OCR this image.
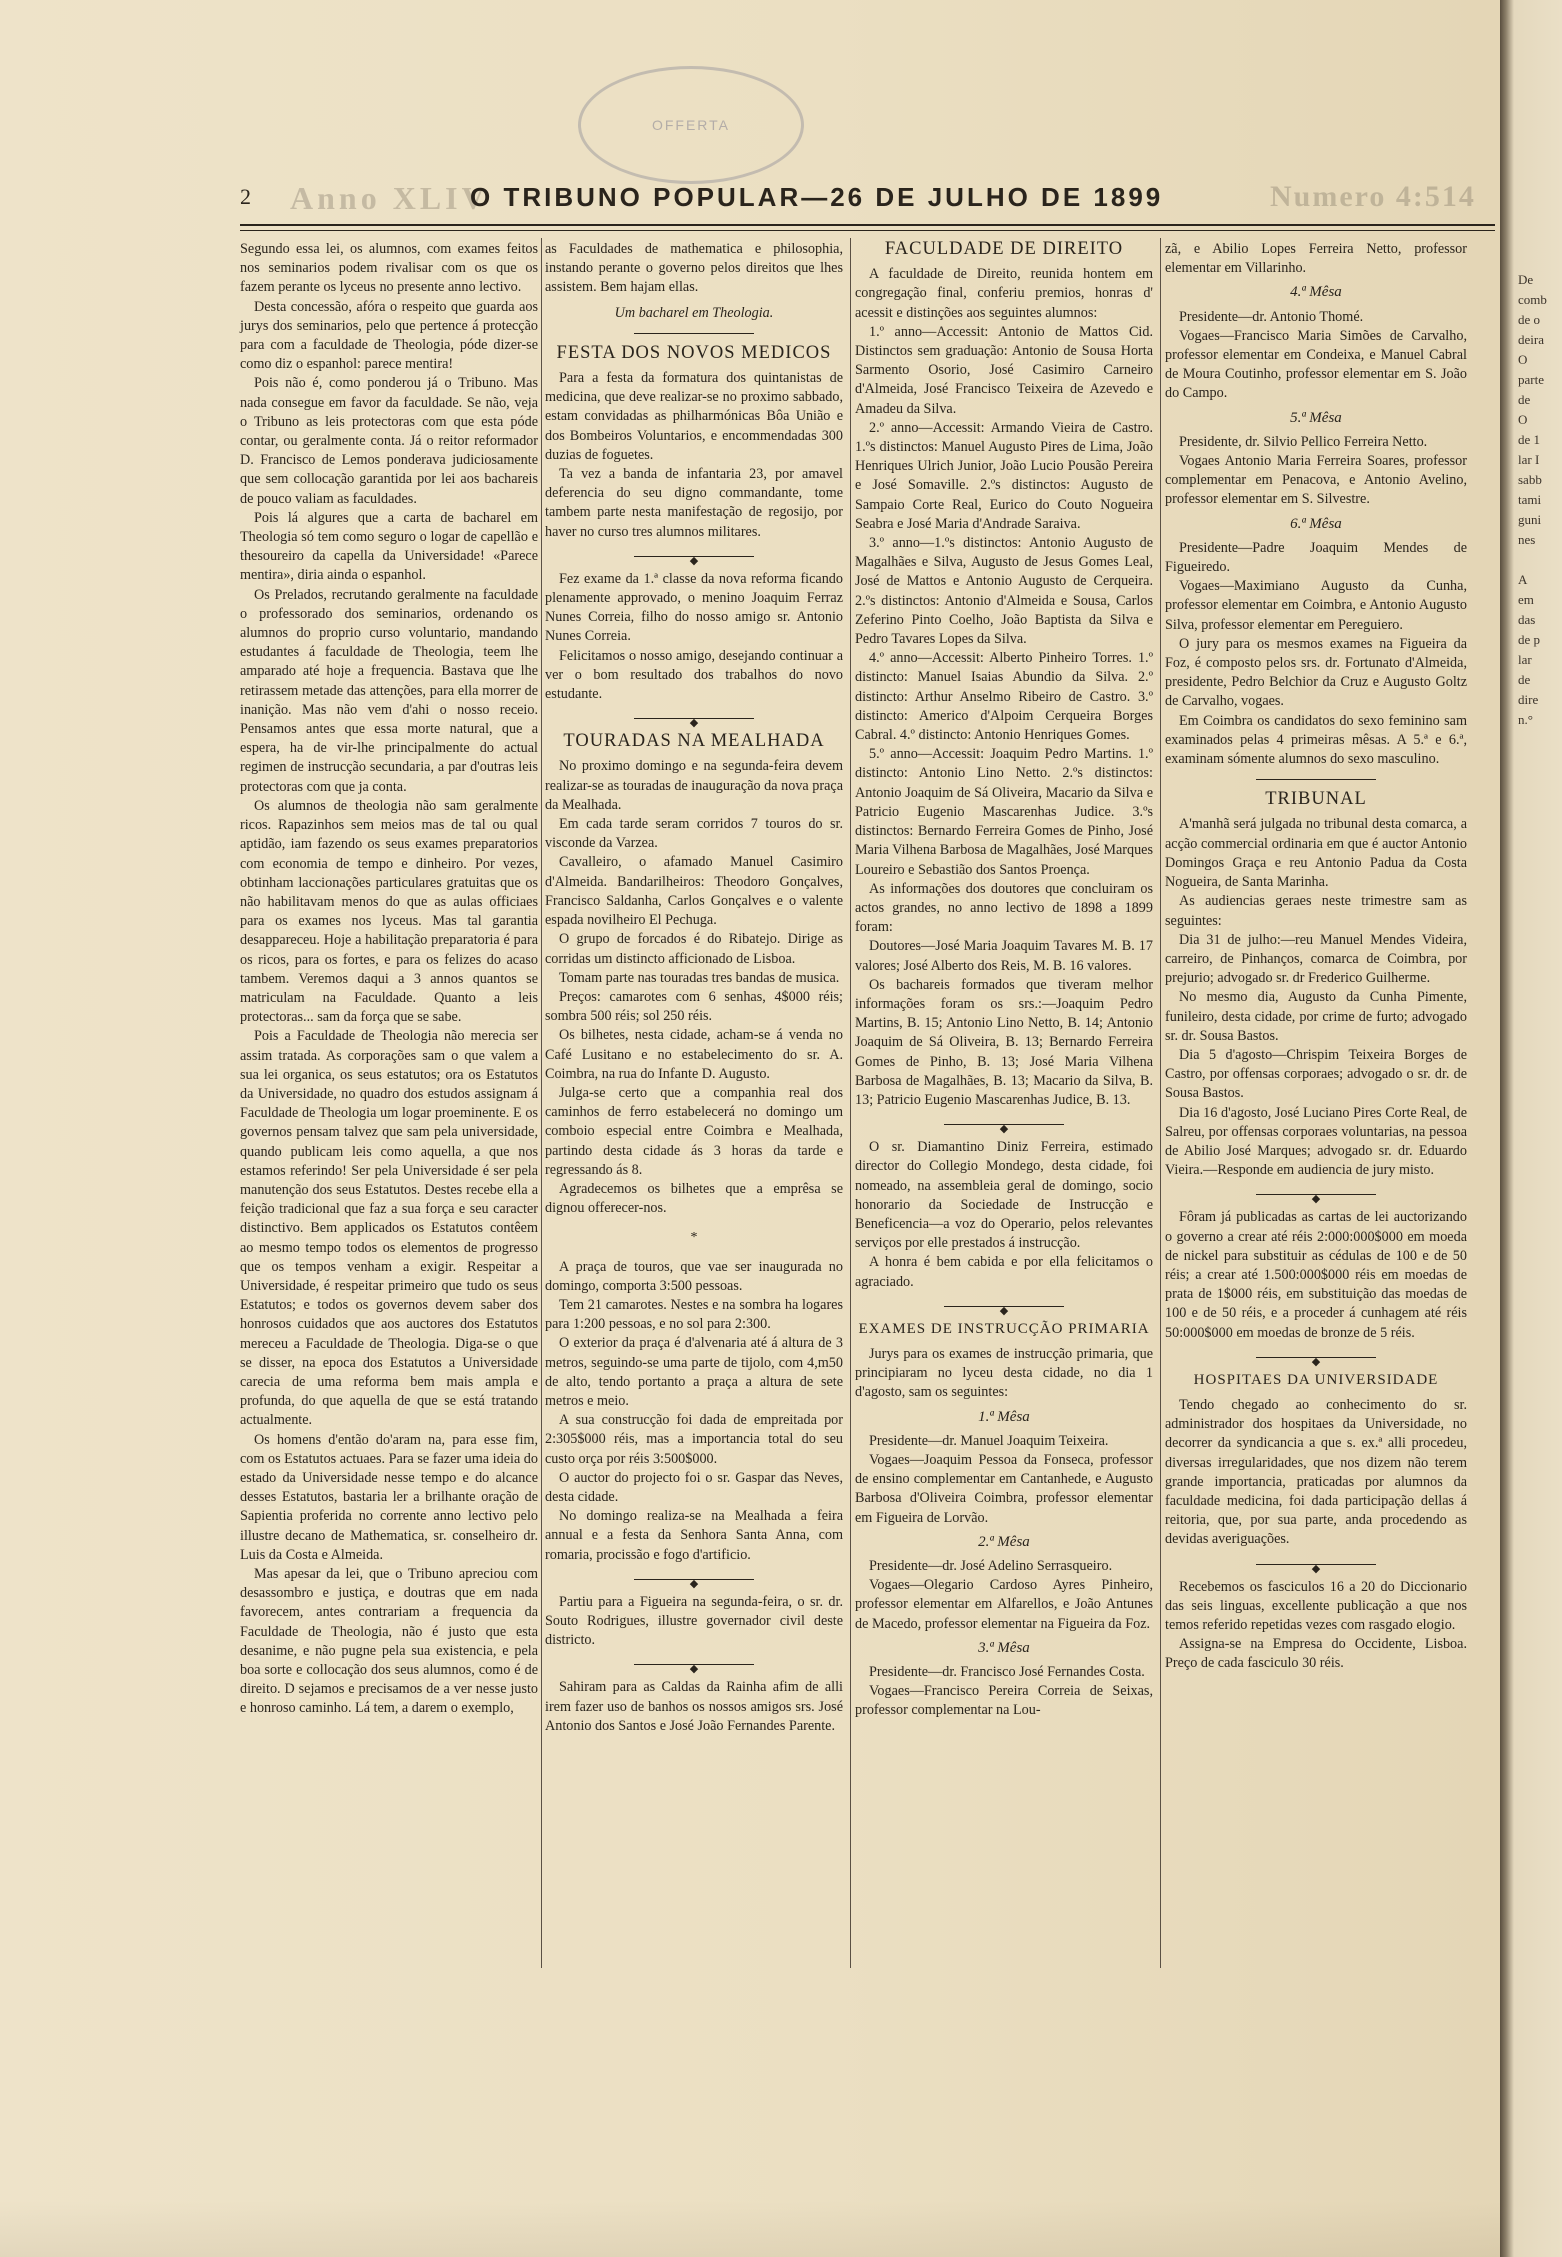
OFFERTA
Anno XLIV	Numero 4:514
2	O TRIBUNO POPULAR—26 DE JULHO DE 1899

Segundo essa lei, os alumnos, com exames feitos nos seminarios podem rivalisar com os que os fazem perante os lyceus no presente anno lectivo.

Desta concessão, afóra o respeito que guarda aos jurys dos seminarios, pelo que pertence á protecção para com a faculdade de Theologia, póde dizer-se como diz o espanhol: parece mentira!

Pois não é, como ponderou já o Tribuno. Mas nada consegue em favor da faculdade. Se não, veja o Tribuno as leis protectoras com que esta póde contar, ou geralmente conta. Já o reitor reformador D. Francisco de Lemos ponderava judiciosamente que sem collocação garantida por lei aos bachareis de pouco valiam as faculdades.

Pois lá algures que a carta de bacharel em Theologia só tem como seguro o logar de capellão e thesoureiro da capella da Universidade! «Parece mentira», diria ainda o espanhol.

Os Prelados, recrutando geralmente na faculdade o professorado dos seminarios, ordenando os alumnos do proprio curso voluntario, mandando estudantes á faculdade de Theologia, teem lhe amparado até hoje a frequencia. Bastava que lhe retirassem metade das attenções, para ella morrer de inanição. Mas não vem d'ahi o nosso receio. Pensamos antes que essa morte natural, que a espera, ha de vir-lhe principalmente do actual regimen de instrucção secundaria, a par d'outras leis protectoras com que ja conta.

Os alumnos de theologia não sam geralmente ricos. Rapazinhos sem meios mas de tal ou qual aptidão, iam fazendo os seus exames preparatorios com economia de tempo e dinheiro. Por vezes, obtinham laccionações particulares gratuitas que os não habilitavam menos do que as aulas officiaes para os exames nos lyceus. Mas tal garantia desappareceu. Hoje a habilitação preparatoria é para os ricos, para os fortes, e para os felizes do acaso tambem. Veremos daqui a 3 annos quantos se matriculam na Faculdade. Quanto a leis protectoras... sam da força que se sabe.

Pois a Faculdade de Theologia não merecia ser assim tratada. As corporações sam o que valem a sua lei organica, os seus estatutos; ora os Estatutos da Universidade, no quadro dos estudos assignam á Faculdade de Theologia um logar proeminente. E os governos pensam talvez que sam pela universidade, quando publicam leis como aquella, a que nos estamos referindo! Ser pela Universidade é ser pela manutenção dos seus Estatutos. Destes recebe ella a feição tradicional que faz a sua força e seu caracter distinctivo. Bem applicados os Estatutos contêem ao mesmo tempo todos os elementos de progresso que os tempos venham a exigir. Respeitar a Universidade, é respeitar primeiro que tudo os seus Estatutos; e todos os governos devem saber dos honrosos cuidados que aos auctores dos Estatutos mereceu a Faculdade de Theologia. Diga-se o que se disser, na epoca dos Estatutos a Universidade carecia de uma reforma bem mais ampla e profunda, do que aquella de que se está tratando actualmente.

Os homens d'então do'aram na, para esse fim, com os Estatutos actuaes. Para se fazer uma ideia do estado da Universidade nesse tempo e do alcance desses Estatutos, bastaria ler a brilhante oração de Sapientia proferida no corrente anno lectivo pelo illustre decano de Mathematica, sr. conselheiro dr. Luis da Costa e Almeida.

Mas apesar da lei, que o Tribuno apreciou com desassombro e justiça, e doutras que em nada favorecem, antes contrariam a frequencia da Faculdade de Theologia, não é justo que esta desanime, e não pugne pela sua existencia, e pela boa sorte e collocação dos seus alumnos, como é de direito. D sejamos e precisamos de a ver nesse justo e honroso caminho. Lá tem, a darem o exemplo,

as Faculdades de mathematica e philosophia, instando perante o governo pelos direitos que lhes assistem. Bem hajam ellas.

Um bacharel em Theologia.
FESTA DOS NOVOS MEDICOS

Para a festa da formatura dos quintanistas de medicina, que deve realizar-se no proximo sabbado, estam convidadas as philharmónicas Bôa União e dos Bombeiros Voluntarios, e encommendadas 300 duzias de foguetes.

Ta vez a banda de infantaria 23, por amavel deferencia do seu digno commandante, tome tambem parte nesta manifestação de regosijo, por haver no curso tres alumnos militares.

◆

Fez exame da 1.ª classe da nova reforma ficando plenamente approvado, o menino Joaquim Ferraz Nunes Correia, filho do nosso amigo sr. Antonio Nunes Correia.

Felicitamos o nosso amigo, desejando continuar a ver o bom resultado dos trabalhos do novo estudante.

◆
TOURADAS NA MEALHADA

No proximo domingo e na segunda-feira devem realizar-se as touradas de inauguração da nova praça da Mealhada.

Em cada tarde seram corridos 7 touros do sr. visconde da Varzea.

Cavalleiro, o afamado Manuel Casimiro d'Almeida. Bandarilheiros: Theodoro Gonçalves, Francisco Saldanha, Carlos Gonçalves e o valente espada novilheiro El Pechuga.

O grupo de forcados é do Ribatejo. Dirige as corridas um distincto afficionado de Lisboa.

Tomam parte nas touradas tres bandas de musica.

Preços: camarotes com 6 senhas, 4$000 réis; sombra 500 réis; sol 250 réis.

Os bilhetes, nesta cidade, acham-se á venda no Café Lusitano e no estabelecimento do sr. A. Coimbra, na rua do Infante D. Augusto.

Julga-se certo que a companhia real dos caminhos de ferro estabelecerá no domingo um comboio especial entre Coimbra e Mealhada, partindo desta cidade ás 3 horas da tarde e regressando ás 8.

Agradecemos os bilhetes que a emprêsa se dignou offerecer-nos.

*

A praça de touros, que vae ser inaugurada no domingo, comporta 3:500 pessoas.

Tem 21 camarotes. Nestes e na sombra ha logares para 1:200 pessoas, e no sol para 2:300.

O exterior da praça é d'alvenaria até á altura de 3 metros, seguindo-se uma parte de tijolo, com 4,m50 de alto, tendo portanto a praça a altura de sete metros e meio.

A sua construcção foi dada de empreitada por 2:305$000 réis, mas a importancia total do seu custo orça por réis 3:500$000.

O auctor do projecto foi o sr. Gaspar das Neves, desta cidade.

No domingo realiza-se na Mealhada a feira annual e a festa da Senhora Santa Anna, com romaria, procissão e fogo d'artificio.

◆

Partiu para a Figueira na segunda-feira, o sr. dr. Souto Rodrigues, illustre governador civil deste districto.

◆

Sahiram para as Caldas da Rainha afim de alli irem fazer uso de banhos os nossos amigos srs. José Antonio dos Santos e José João Fernandes Parente.

FACULDADE DE DIREITO

A faculdade de Direito, reunida hontem em congregação final, conferiu premios, honras d' acessit e distinções aos seguintes alumnos:

1.º anno—Accessit: Antonio de Mattos Cid. Distinctos sem graduação: Antonio de Sousa Horta Sarmento Osorio, José Casimiro Carneiro d'Almeida, José Francisco Teixeira de Azevedo e Amadeu da Silva.

2.º anno—Accessit: Armando Vieira de Castro. 1.ºs distinctos: Manuel Augusto Pires de Lima, João Henriques Ulrich Junior, João Lucio Pousão Pereira e José Somaville. 2.ºs distinctos: Augusto de Sampaio Corte Real, Eurico do Couto Nogueira Seabra e José Maria d'Andrade Saraiva.

3.º anno—1.ºs distinctos: Antonio Augusto de Magalhães e Silva, Augusto de Jesus Gomes Leal, José de Mattos e Antonio Augusto de Cerqueira. 2.ºs distinctos: Antonio d'Almeida e Sousa, Carlos Zeferino Pinto Coelho, João Baptista da Silva e Pedro Tavares Lopes da Silva.

4.º anno—Accessit: Alberto Pinheiro Torres. 1.º distincto: Manuel Isaias Abundio da Silva. 2.º distincto: Arthur Anselmo Ribeiro de Castro. 3.º distincto: Americo d'Alpoim Cerqueira Borges Cabral. 4.º distincto: Antonio Henriques Gomes.

5.º anno—Accessit: Joaquim Pedro Martins. 1.º distincto: Antonio Lino Netto. 2.ºs distinctos: Antonio Joaquim de Sá Oliveira, Macario da Silva e Patricio Eugenio Mascarenhas Judice. 3.ºs distinctos: Bernardo Ferreira Gomes de Pinho, José Maria Vilhena Barbosa de Magalhães, José Marques Loureiro e Sebastião dos Santos Proença.

As informações dos doutores que concluiram os actos grandes, no anno lectivo de 1898 a 1899 foram:

Doutores—José Maria Joaquim Tavares M. B. 17 valores; José Alberto dos Reis, M. B. 16 valores.

Os bachareis formados que tiveram melhor informações foram os srs.:—Joaquim Pedro Martins, B. 15; Antonio Lino Netto, B. 14; Antonio Joaquim de Sá Oliveira, B. 13; Bernardo Ferreira Gomes de Pinho, B. 13; José Maria Vilhena Barbosa de Magalhães, B. 13; Macario da Silva, B. 13; Patricio Eugenio Mascarenhas Judice, B. 13.

◆

O sr. Diamantino Diniz Ferreira, estimado director do Collegio Mondego, desta cidade, foi nomeado, na assembleia geral de domingo, socio honorario da Sociedade de Instrucção e Beneficencia—a voz do Operario, pelos relevantes serviços por elle prestados á instrucção.

A honra é bem cabida e por ella felicitamos o agraciado.

◆
EXAMES DE INSTRUCÇÃO PRIMARIA

Jurys para os exames de instrucção primaria, que principiaram no lyceu desta cidade, no dia 1 d'agosto, sam os seguintes:

1.ª Mêsa

Presidente—dr. Manuel Joaquim Teixeira.

Vogaes—Joaquim Pessoa da Fonseca, professor de ensino complementar em Cantanhede, e Augusto Barbosa d'Oliveira Coimbra, professor elementar em Figueira de Lorvão.

2.ª Mêsa

Presidente—dr. José Adelino Serrasqueiro.

Vogaes—Olegario Cardoso Ayres Pinheiro, professor elementar em Alfarellos, e João Antunes de Macedo, professor elementar na Figueira da Foz.

3.ª Mêsa

Presidente—dr. Francisco José Fernandes Costa.

Vogaes—Francisco Pereira Correia de Seixas, professor complementar na Lou-

zã, e Abilio Lopes Ferreira Netto, professor elementar em Villarinho.

4.ª Mêsa

Presidente—dr. Antonio Thomé.

Vogaes—Francisco Maria Simões de Carvalho, professor elementar em Condeixa, e Manuel Cabral de Moura Coutinho, professor elementar em S. João do Campo.

5.ª Mêsa

Presidente, dr. Silvio Pellico Ferreira Netto.

Vogaes Antonio Maria Ferreira Soares, professor complementar em Penacova, e Antonio Avelino, professor elementar em S. Silvestre.

6.ª Mêsa

Presidente—Padre Joaquim Mendes de Figueiredo.

Vogaes—Maximiano Augusto da Cunha, professor elementar em Coimbra, e Antonio Augusto Silva, professor elementar em Pereguiero.

O jury para os mesmos exames na Figueira da Foz, é composto pelos srs. dr. Fortunato d'Almeida, presidente, Pedro Belchior da Cruz e Augusto Goltz de Carvalho, vogaes.

Em Coimbra os candidatos do sexo feminino sam examinados pelas 4 primeiras mêsas. A 5.ª e 6.ª, examinam sómente alumnos do sexo masculino.

TRIBUNAL

A'manhã será julgada no tribunal desta comarca, a acção commercial ordinaria em que é auctor Antonio Domingos Graça e reu Antonio Padua da Costa Nogueira, de Santa Marinha.

As audiencias geraes neste trimestre sam as seguintes:

Dia 31 de julho:—reu Manuel Mendes Videira, carreiro, de Pinhanços, comarca de Coimbra, por prejurio; advogado sr. dr Frederico Guilherme.

No mesmo dia, Augusto da Cunha Pimente, funileiro, desta cidade, por crime de furto; advogado sr. dr. Sousa Bastos.

Dia 5 d'agosto—Chrispim Teixeira Borges de Castro, por offensas corporaes; advogado o sr. dr. de Sousa Bastos.

Dia 16 d'agosto, José Luciano Pires Corte Real, de Salreu, por offensas corporaes voluntarias, na pessoa de Abilio José Marques; advogado sr. dr. Eduardo Vieira.—Responde em audiencia de jury misto.

◆

Fôram já publicadas as cartas de lei auctorizando o governo a crear até réis 2:000:000$000 em moeda de nickel para substituir as cédulas de 100 e de 50 réis; a crear até 1.500:000$000 réis em moedas de prata de 1$000 réis, em substituição das moedas de 100 e de 50 réis, e a proceder á cunhagem até réis 50:000$000 em moedas de bronze de 5 réis.

◆
HOSPITAES DA UNIVERSIDADE

Tendo chegado ao conhecimento do sr. administrador dos hospitaes da Universidade, no decorrer da syndicancia a que s. ex.ª alli procedeu, diversas irregularidades, que nos dizem não terem grande importancia, praticadas por alumnos da faculdade medicina, foi dada participação dellas á reitoria, que, por sua parte, anda procedendo as devidas averiguações.

◆

Recebemos os fasciculos 16 a 20 do Diccionario das seis linguas, excellente publicação a que nos temos referido repetidas vezes com rasgado elogio.

Assigna-se na Empresa do Occidente, Lisboa. Preço de cada fasciculo 30 réis.

De
comb
de o
deira
O
parte
de
O
de 1
lar I
sabb
tami
guni
nes

A
em
das
de p
lar
de
dire
n.°
